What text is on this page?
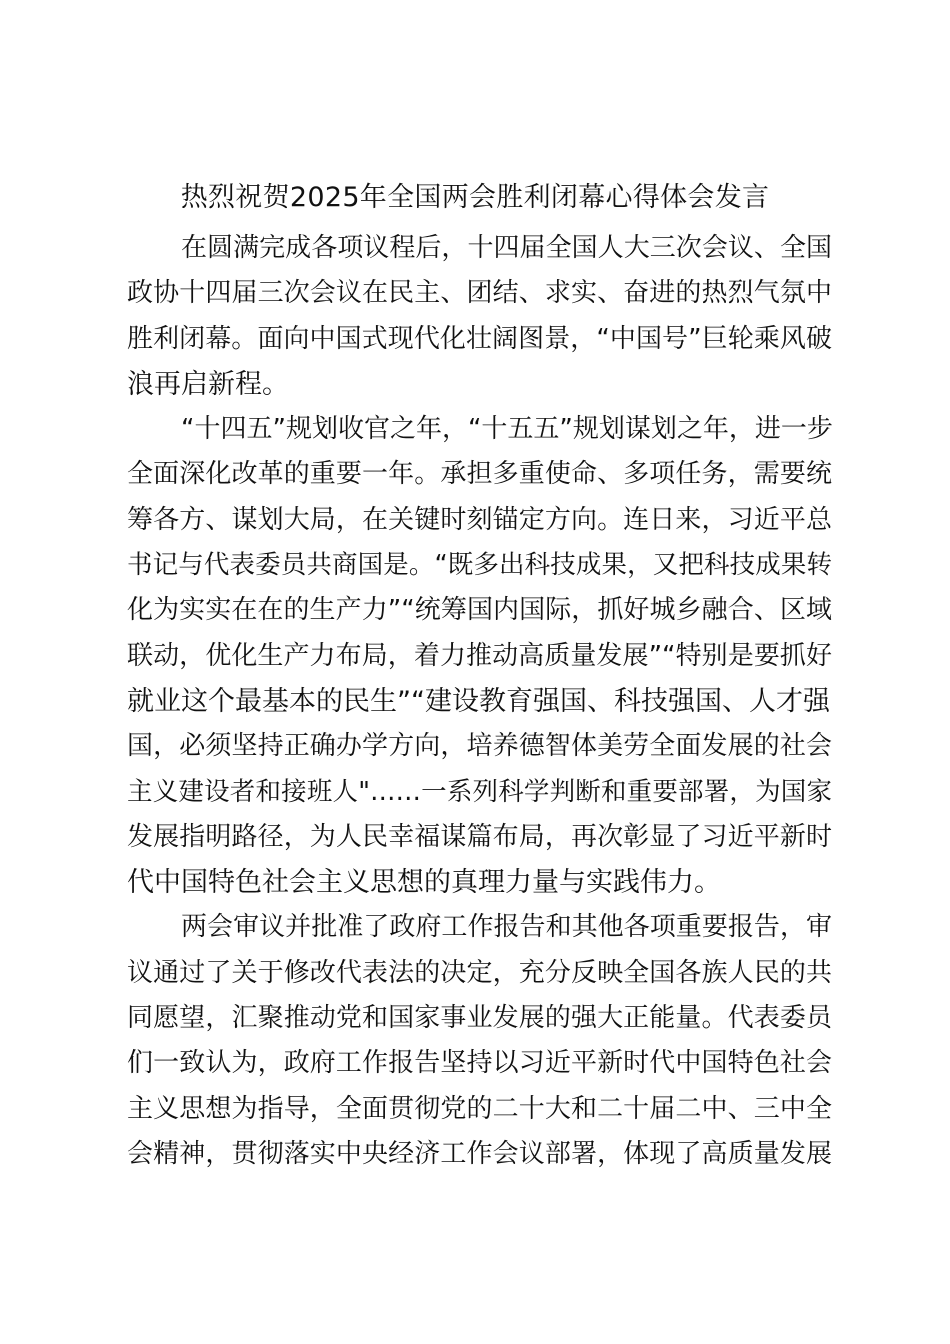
热烈祝贺2025年全国两会胜利闭幕心得体会发言
在圆满完成各项议程后，十四届全国人大三次会议、全国
政协十四届三次会议在民主、团结、求实、奋进的热烈气氛中
胜利闭幕。面向中国式现代化壮阔图景，“中国号”巨轮乘风破
浪再启新程。
“十四五”规划收官之年，“十五五”规划谋划之年，进一步
全面深化改革的重要一年。承担多重使命、多项任务，需要统
筹各方、谋划大局，在关键时刻锚定方向。连日来，习近平总
书记与代表委员共商国是。“既多出科技成果，又把科技成果转
化为实实在在的生产力”“统筹国内国际，抓好城乡融合、区域
联动，优化生产力布局，着力推动高质量发展”“特别是要抓好
就业这个最基本的民生”“建设教育强国、科技强国、人才强
国，必须坚持正确办学方向，培养德智体美劳全面发展的社会
主义建设者和接班人"……一系列科学判断和重要部署，为国家
发展指明路径，为人民幸福谋篇布局，再次彰显了习近平新时
代中国特色社会主义思想的真理力量与实践伟力。
两会审议并批准了政府工作报告和其他各项重要报告，审
议通过了关于修改代表法的决定，充分反映全国各族人民的共
同愿望，汇聚推动党和国家事业发展的强大正能量。代表委员
们一致认为，政府工作报告坚持以习近平新时代中国特色社会
主义思想为指导，全面贯彻党的二十大和二十届二中、三中全
会精神，贯彻落实中央经济工作会议部署，体现了高质量发展
